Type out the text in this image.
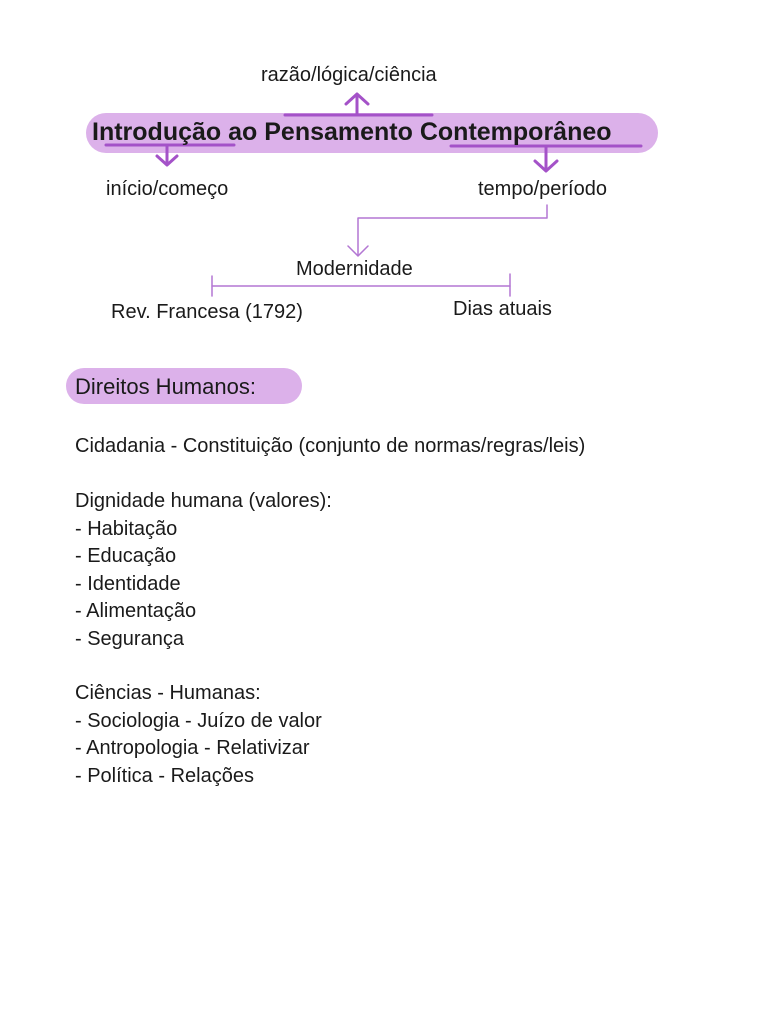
razão/lógica/ciência
Introdução ao Pensamento Contemporâneo
início/começo	tempo/período
Modernidade
Rev. Francesa (1792)	Dias atuais
Direitos Humanos:
Cidadania - Constituição (conjunto de normas/regras/leis)
Dignidade humana (valores):
- Habitação
- Educação
- Identidade
- Alimentação
- Segurança
Ciências - Humanas:
- Sociologia - Juízo de valor
- Antropologia - Relativizar
- Política - Relações
